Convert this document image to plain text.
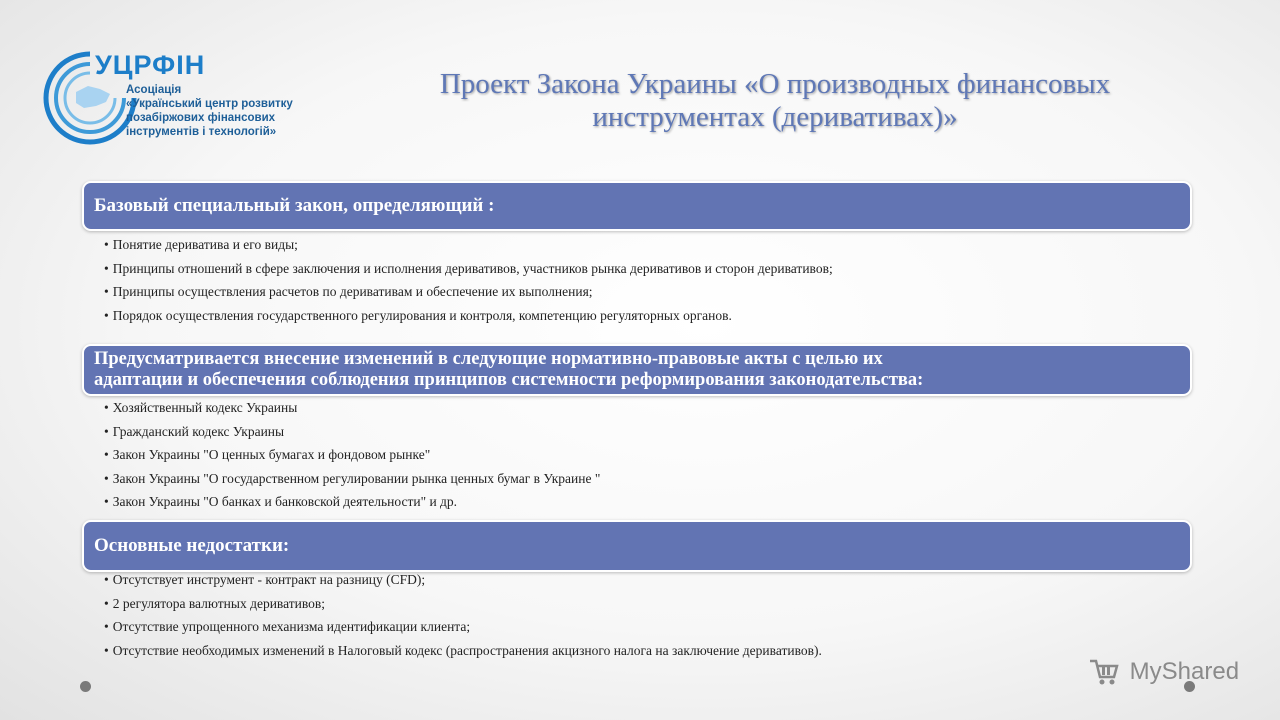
УЦРФІН
Асоціація
«Український центр розвитку
позабіржових фінансових
інструментів і технологій»
Проект Закона Украины «О производных финансовых
инструментах (деривативах)»
Базовый специальный закон, определяющий :
• Понятие деривативa и его виды;
• Принципы отношений в сфере заключения и исполнения деривативов, участников рынка деривативов и сторон деривативов;
• Принципы осуществления расчетов по деривативам и обеспечение их выполнения;
• Порядок осуществления государственного регулирования и контроля, компетенцию регуляторных органов.
Предусматривается внесение изменений в следующие нормативно-правовые акты с целью их
адаптации и обеспечения соблюдения принципов системности реформирования законодательства:
• Хозяйственный кодекс Украины
• Гражданский кодекс Украины
• Закон Украины "О ценных бумагах и фондовом рынке"
• Закон Украины "О государственном регулировании рынка ценных бумаг в Украине "
• Закон Украины "О банках и банковской деятельности" и др.
Основные недостатки:
• Отсутствует инструмент - контракт на разницу (CFD);
• 2 регулятора валютных деривативов;
• Отсутствие упрощенного механизма идентификации клиента;
• Отсутствие необходимых изменений в Налоговый кодекс (распространения акцизного налога на заключение деривативов).
MyShared
